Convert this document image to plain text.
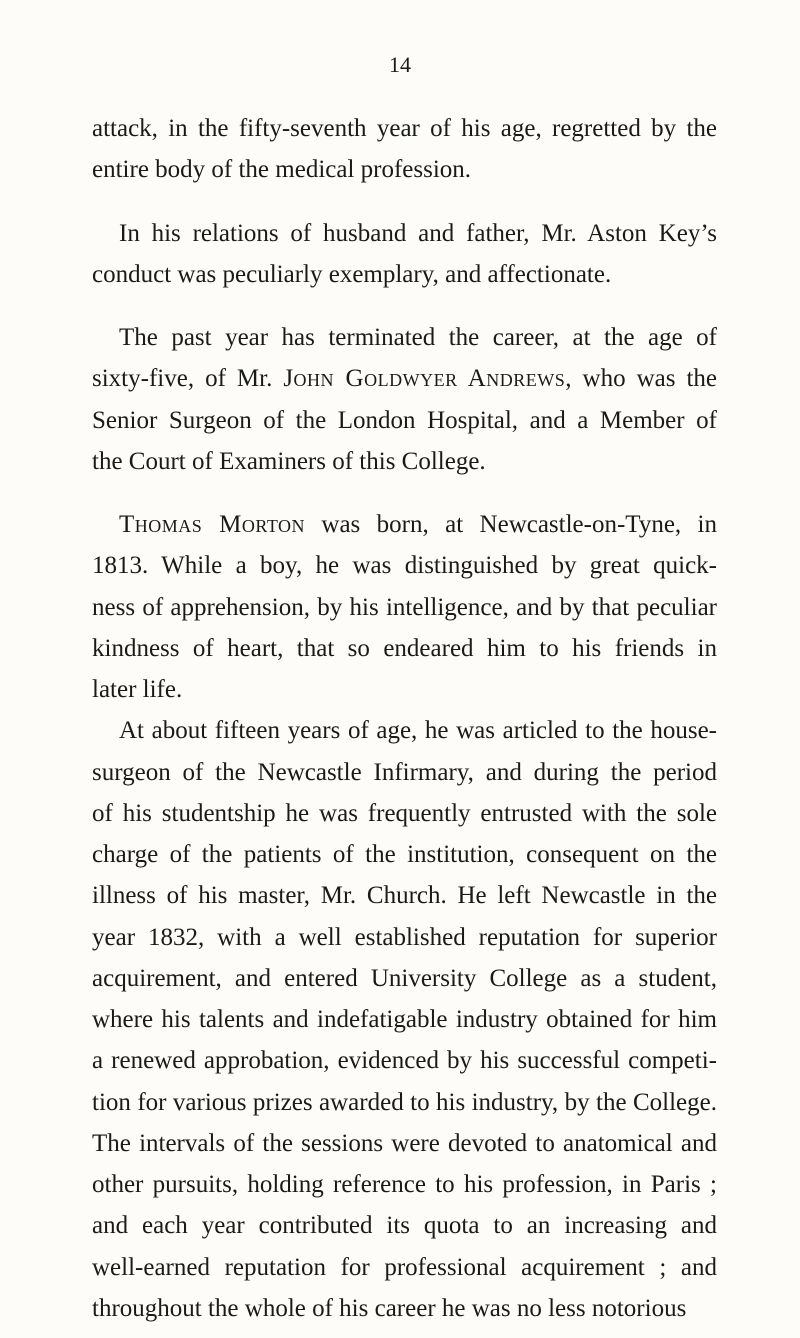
14
attack, in the fifty-seventh year of his age, regretted by the
entire body of the medical profession.
In his relations of husband and father, Mr. Aston Key’s
conduct was peculiarly exemplary, and affectionate.
The past year has terminated the career, at the age of
sixty-five, of Mr. John Goldwyer Andrews, who was the
Senior Surgeon of the London Hospital, and a Member of
the Court of Examiners of this College.
Thomas Morton was born, at Newcastle-on-Tyne, in
1813. While a boy, he was distinguished by great quick-
ness of apprehension, by his intelligence, and by that peculiar
kindness of heart, that so endeared him to his friends in
later life.
At about fifteen years of age, he was articled to the house-
surgeon of the Newcastle Infirmary, and during the period
of his studentship he was frequently entrusted with the sole
charge of the patients of the institution, consequent on the
illness of his master, Mr. Church. He left Newcastle in the
year 1832, with a well established reputation for superior
acquirement, and entered University College as a student,
where his talents and indefatigable industry obtained for him
a renewed approbation, evidenced by his successful competi-
tion for various prizes awarded to his industry, by the College.
The intervals of the sessions were devoted to anatomical and
other pursuits, holding reference to his profession, in Paris ;
and each year contributed its quota to an increasing and
well-earned reputation for professional acquirement ; and
throughout the whole of his career he was no less notorious
